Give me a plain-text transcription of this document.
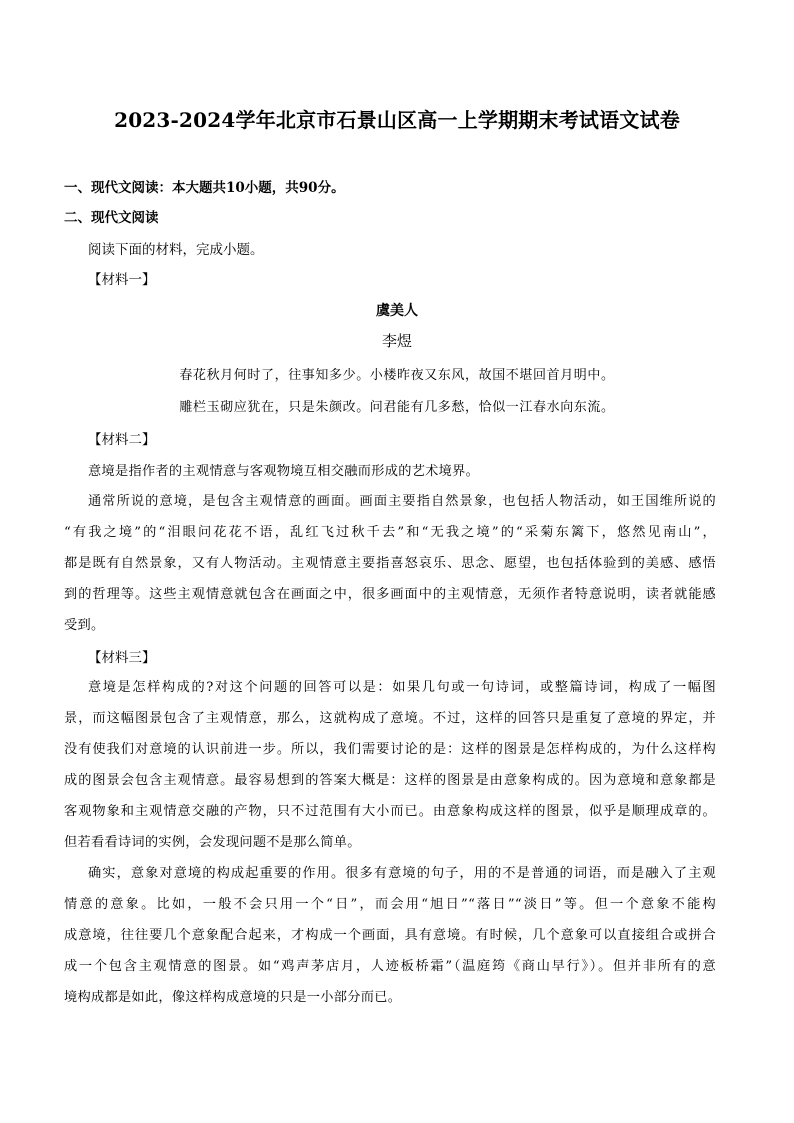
2023-2024学年北京市石景山区高一上学期期末考试语文试卷
一、现代文阅读：本大题共10小题，共90分。
二、现代文阅读
阅读下面的材料，完成小题。
【材料一】
虞美人
李煜
春花秋月何时了，往事知多少。小楼昨夜又东风，故国不堪回首月明中。
雕栏玉砌应犹在，只是朱颜改。问君能有几多愁，恰似一江春水向东流。
【材料二】
意境是指作者的主观情意与客观物境互相交融而形成的艺术境界。
通常所说的意境，是包含主观情意的画面。画面主要指自然景象，也包括人物活动，如王国维所说的
“有我之境”的“泪眼问花花不语，乱红飞过秋千去”和“无我之境”的“采菊东篱下，悠然见南山”，
都是既有自然景象，又有人物活动。主观情意主要指喜怒哀乐、思念、愿望，也包括体验到的美感、感悟
到的哲理等。这些主观情意就包含在画面之中，很多画面中的主观情意，无须作者特意说明，读者就能感
受到。
【材料三】
意境是怎样构成的?对这个问题的回答可以是：如果几句或一句诗词，或整篇诗词，构成了一幅图
景，而这幅图景包含了主观情意，那么，这就构成了意境。不过，这样的回答只是重复了意境的界定，并
没有使我们对意境的认识前进一步。所以，我们需要讨论的是：这样的图景是怎样构成的，为什么这样构
成的图景会包含主观情意。最容易想到的答案大概是：这样的图景是由意象构成的。因为意境和意象都是
客观物象和主观情意交融的产物，只不过范围有大小而已。由意象构成这样的图景，似乎是顺理成章的。
但若看看诗词的实例，会发现问题不是那么简单。
确实，意象对意境的构成起重要的作用。很多有意境的句子，用的不是普通的词语，而是融入了主观
情意的意象。比如，一般不会只用一个“日”，而会用“旭日”“落日”“淡日”等。但一个意象不能构
成意境，往往要几个意象配合起来，才构成一个画面，具有意境。有时候，几个意象可以直接组合或拼合
成一个包含主观情意的图景。如“鸡声茅店月，人迹板桥霜”（温庭筠《商山早行》）。但并非所有的意
境构成都是如此，像这样构成意境的只是一小部分而已。
